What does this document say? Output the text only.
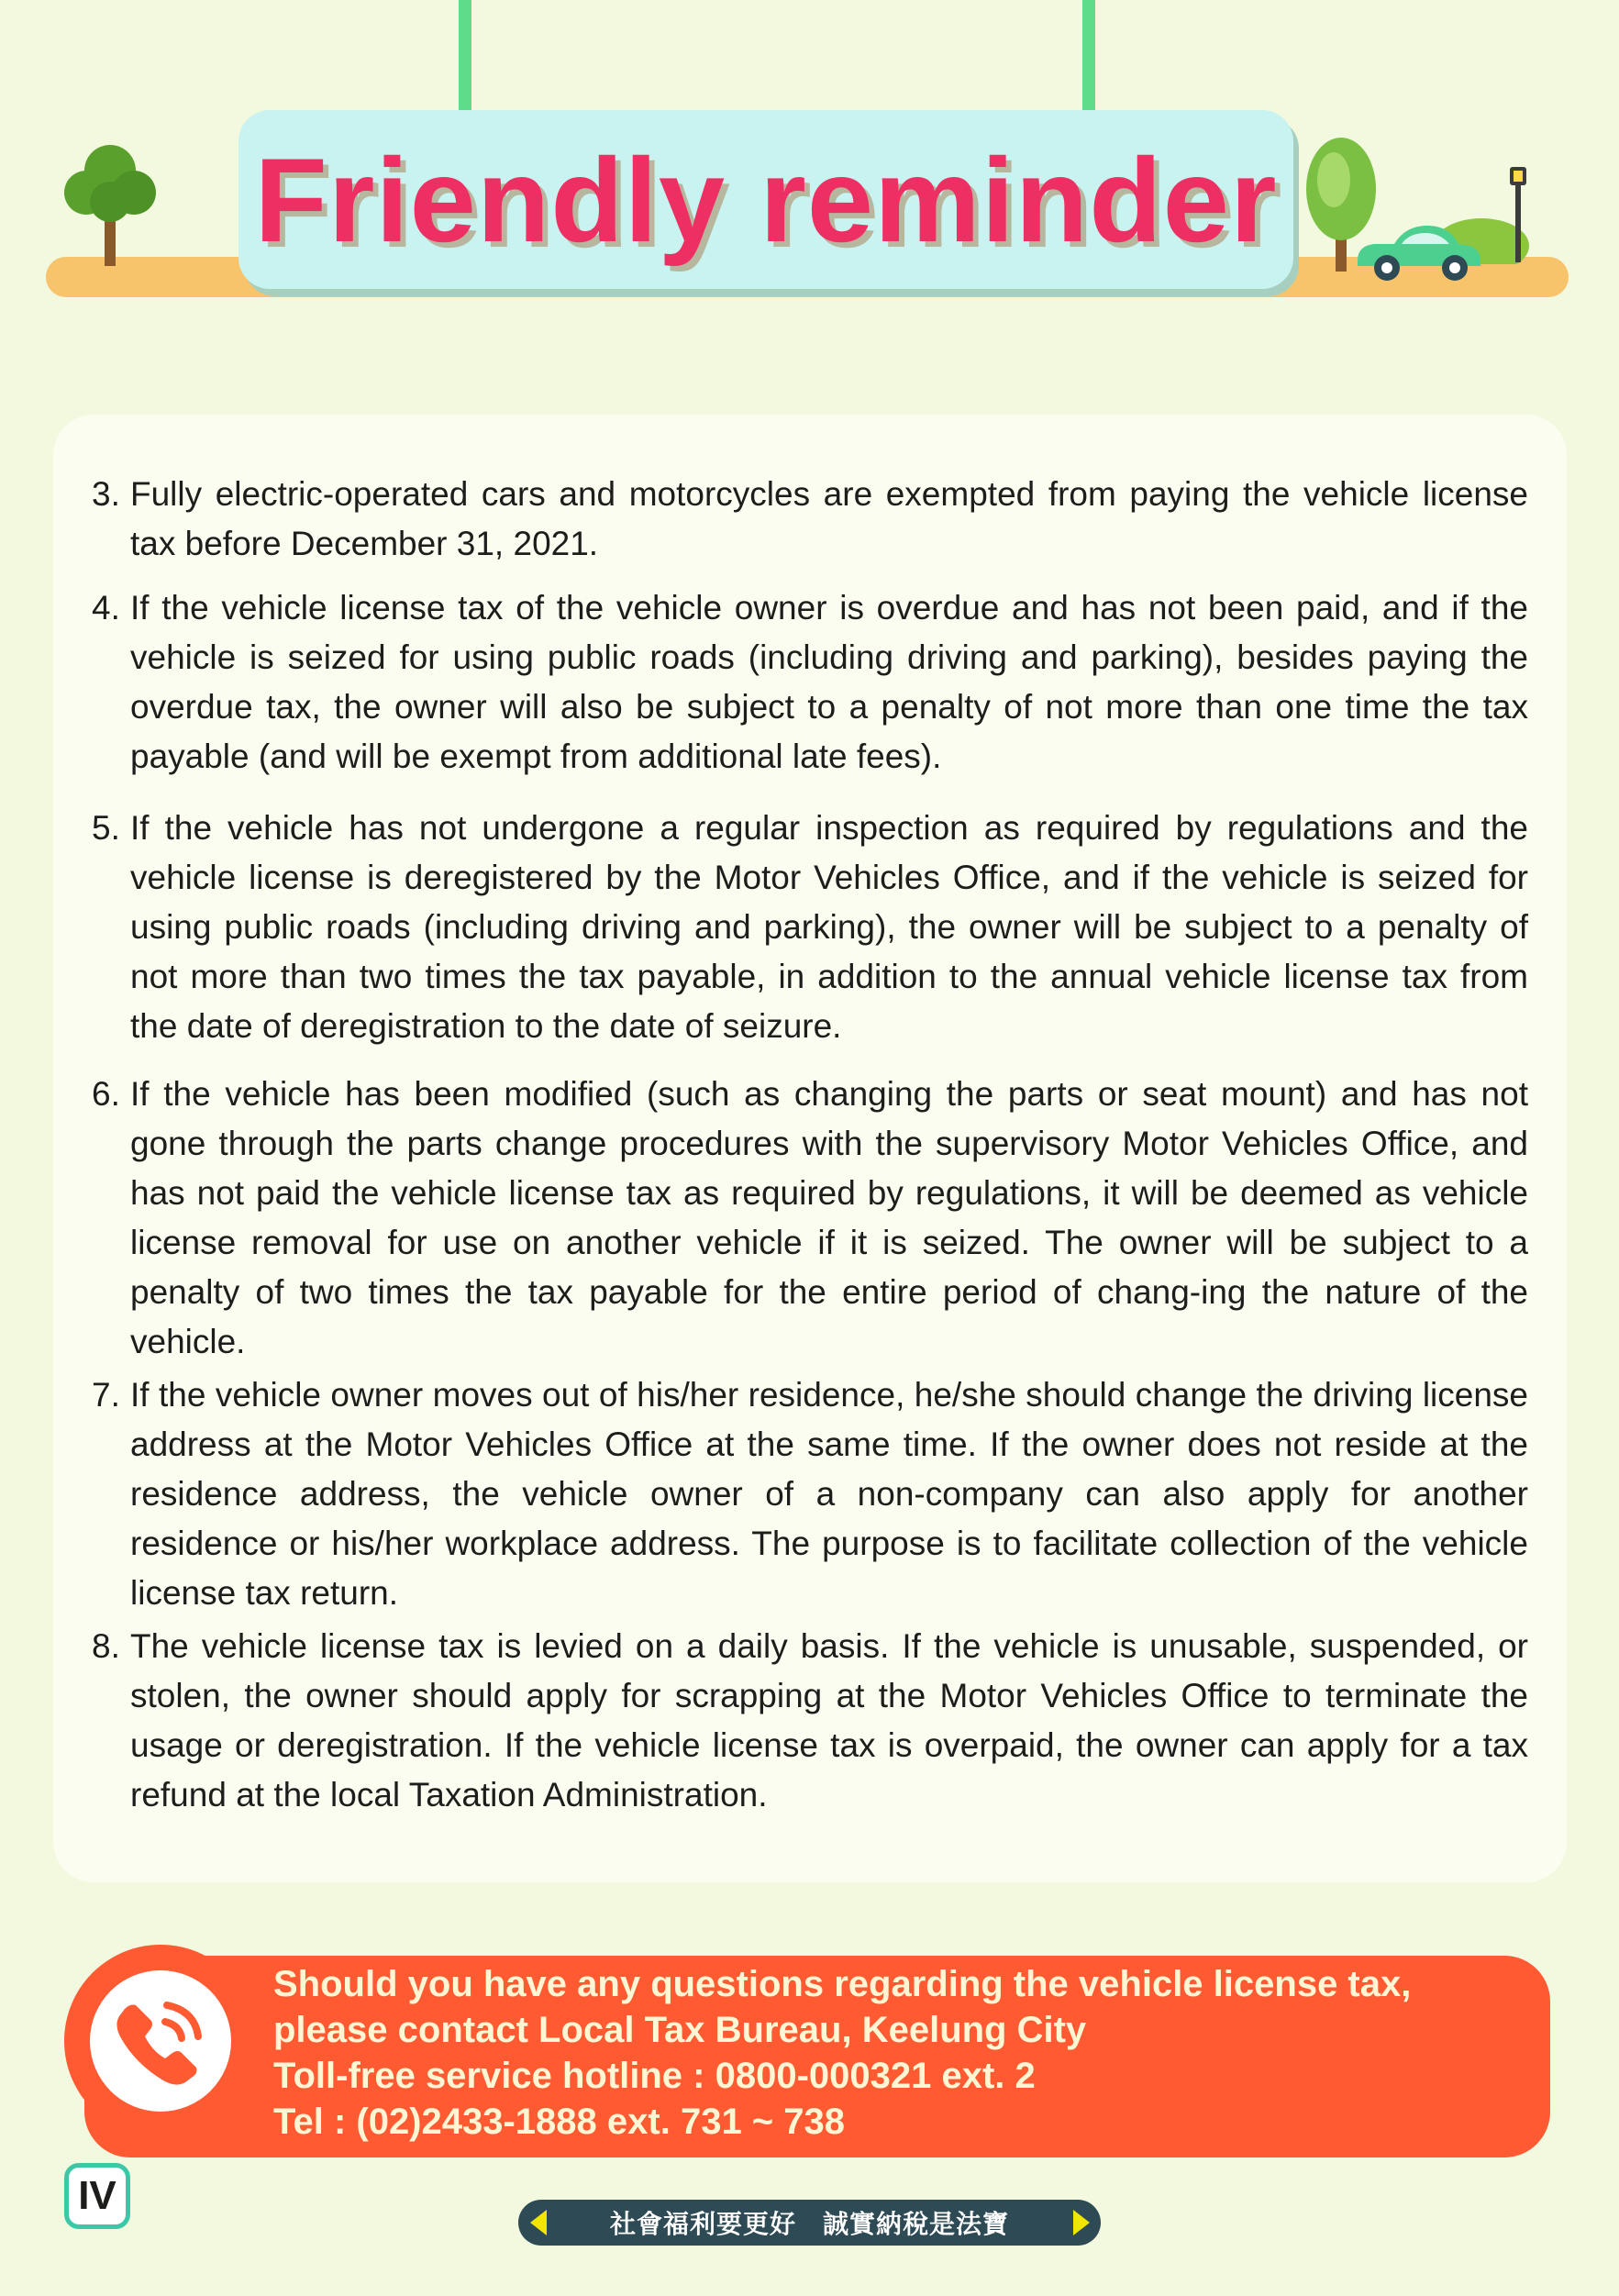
Friendly reminder
3. Fully electric-operated cars and motorcycles are exempted from paying the vehicle license tax before December 31, 2021.
4. If the vehicle license tax of the vehicle owner is overdue and has not been paid, and if the vehicle is seized for using public roads (including driving and parking), besides paying the overdue tax, the owner will also be subject to a penalty of not more than one time the tax payable (and will be exempt from additional late fees).
5. If the vehicle has not undergone a regular inspection as required by regulations and the vehicle license is deregistered by the Motor Vehicles Office, and if the vehicle is seized for using public roads (including driving and parking), the owner will be subject to a penalty of not more than two times the tax payable, in addition to the annual vehicle license tax from the date of deregistration to the date of seizure.
6. If the vehicle has been modified (such as changing the parts or seat mount) and has not gone through the parts change procedures with the supervisory Motor Vehicles Office, and has not paid the vehicle license tax as required by regulations, it will be deemed as vehicle license removal for use on another vehicle if it is seized. The owner will be subject to a penalty of two times the tax payable for the entire period of chang-ing the nature of the vehicle.
7. If the vehicle owner moves out of his/her residence, he/she should change the driving license address at the Motor Vehicles Office at the same time. If the owner does not reside at the residence address, the vehicle owner of a non-company can also apply for another residence or his/her workplace address. The purpose is to facilitate collection of the vehicle license tax return.
8. The vehicle license tax is levied on a daily basis. If the vehicle is unusable, suspended, or stolen, the owner should apply for scrapping at the Motor Vehicles Office to terminate the usage or deregistration. If the vehicle license tax is overpaid, the owner can apply for a tax refund at the local Taxation Administration.
Should you have any questions regarding the vehicle license tax,
please contact Local Tax Bureau, Keelung City
Toll-free service hotline : 0800-000321 ext. 2
Tel : (02)2433-1888 ext. 731 ~ 738
IV
社會福利要更好　誠實納稅是法寶
